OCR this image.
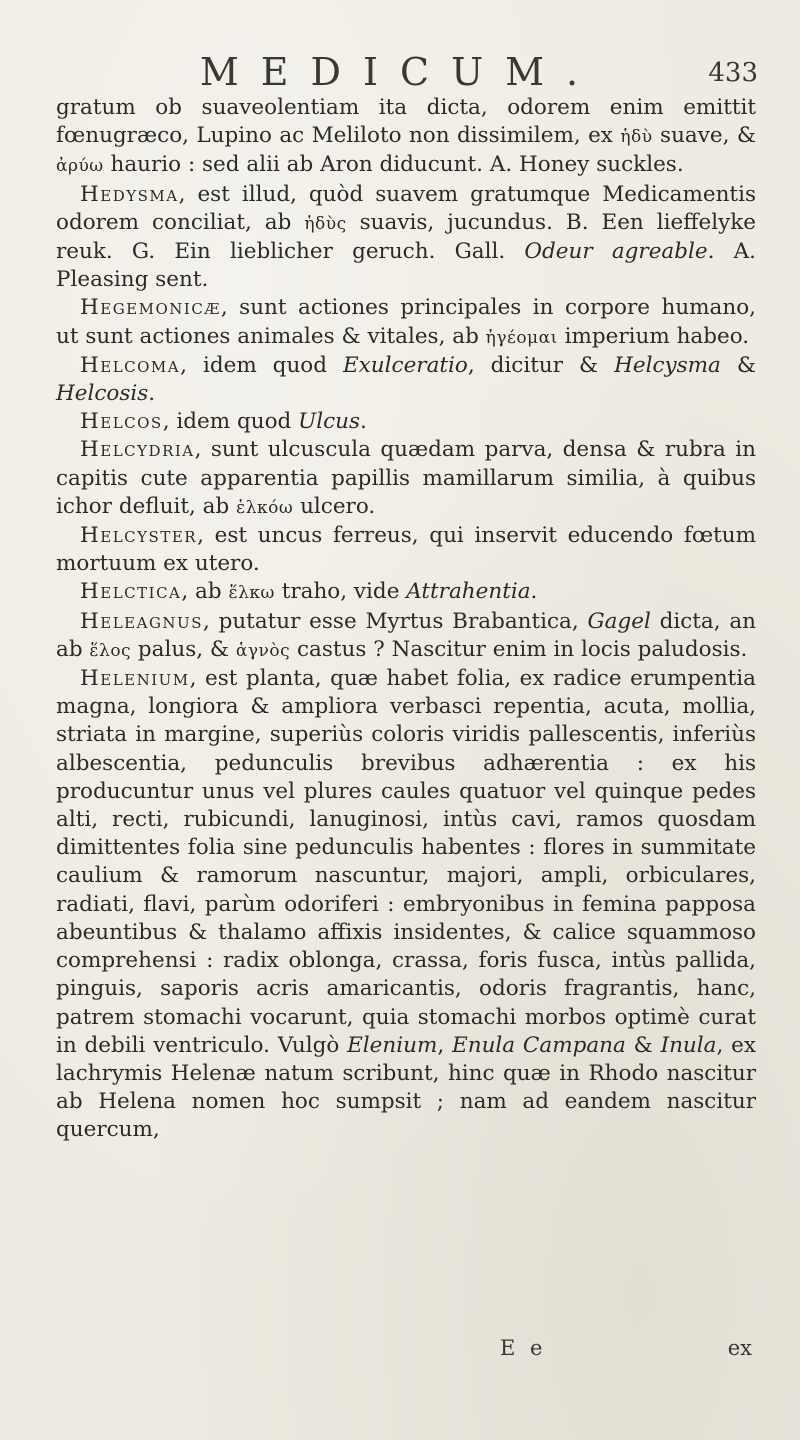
MEDICUM.	433

gratum ob suaveolentiam ita dicta, odorem enim emittit fœnugræco, Lupino ac Meliloto non dissimilem, ex ἡδὺ suave, & ἀρύω haurio : sed alii ab Aron diducunt. A. Honey suckles.

Hedysma, est illud, quòd suavem gratumque Medicamentis odorem conciliat, ab ἡδὺς suavis, jucundus. B. Een lieffelyke reuk. G. Ein lieblicher geruch. Gall. Odeur agreable. A. Pleasing sent.

Hegemonicæ, sunt actiones principales in corpore humano, ut sunt actiones animales & vitales, ab ἡγέομαι imperium habeo.

Helcoma, idem quod Exulceratio, dicitur & Helcysma & Helcosis.

Helcos, idem quod Ulcus.

Helcydria, sunt ulcuscula quædam parva, densa & rubra in capitis cute apparentia papillis mamillarum similia, à quibus ichor defluit, ab ἑλκόω ulcero.

Helcyster, est uncus ferreus, qui inservit educendo fœtum mortuum ex utero.

Helctica, ab ἕλκω traho, vide Attrahentia.

Heleagnus, putatur esse Myrtus Brabantica, Gagel dicta, an ab ἕλος palus, & ἁγνὸς castus ? Nascitur enim in locis paludosis.

Helenium, est planta, quæ habet folia, ex radice erumpentia magna, longiora & ampliora verbasci repentia, acuta, mollia, striata in margine, superiùs coloris viridis pallescentis, inferiùs albescentia, pedunculis brevibus adhærentia : ex his producuntur unus vel plures caules quatuor vel quinque pedes alti, recti, rubicundi, lanuginosi, intùs cavi, ramos quosdam dimittentes folia sine pedunculis habentes : flores in summitate caulium & ramorum nascuntur, majori, ampli, orbiculares, radiati, flavi, parùm odoriferi : embryonibus in femina papposa abeuntibus & thalamo affixis insidentes, & calice squammoso comprehensi : radix oblonga, crassa, foris fusca, intùs pallida, pinguis, saporis acris amaricantis, odoris fragrantis, hanc, patrem stomachi vocarunt, quia stomachi morbos optimè curat in debili ventriculo. Vulgò Elenium, Enula Campana & Inula, ex lachrymis Helenæ natum scribunt, hinc quæ in Rhodo nascitur ab Helena nomen hoc sumpsit ; nam ad eandem nascitur quercum,

E e	ex
